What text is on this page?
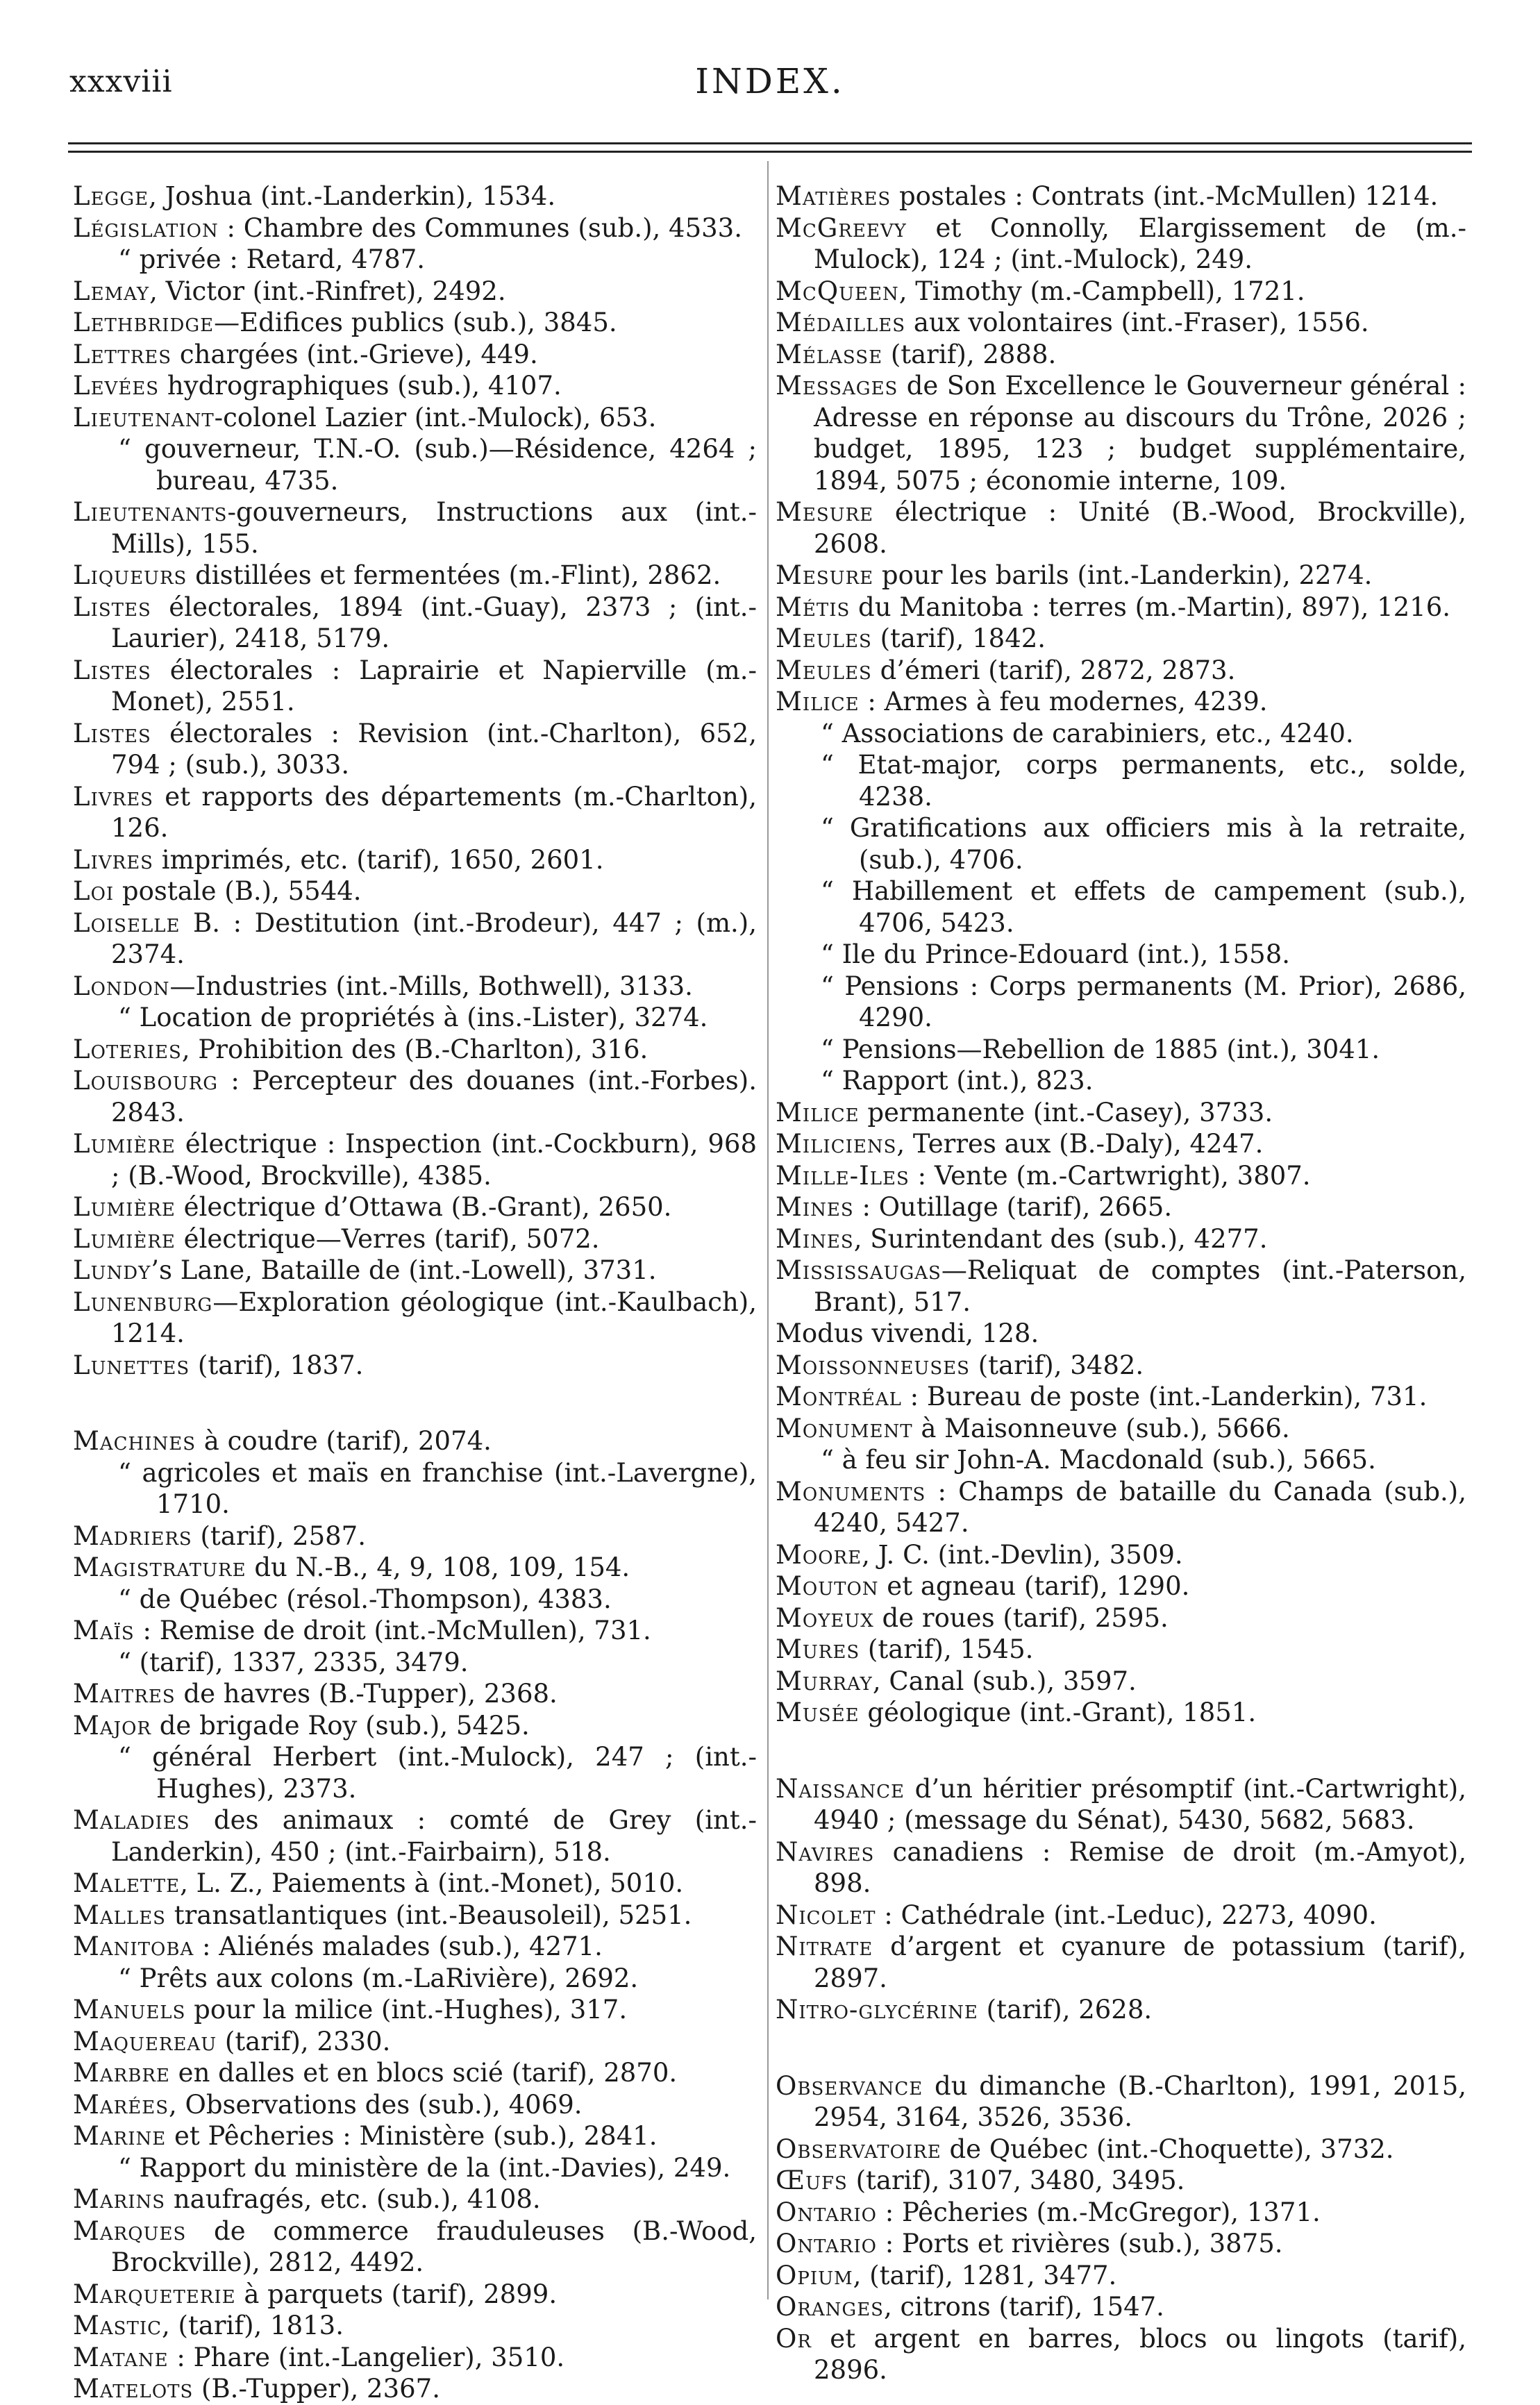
xxxviii	INDEX.
Legge, Joshua (int.-Landerkin), 1534.
Législation : Chambre des Communes (sub.), 4533.
“ privée : Retard, 4787.
Lemay, Victor (int.-Rinfret), 2492.
Lethbridge—Edifices publics (sub.), 3845.
Lettres chargées (int.-Grieve), 449.
Levées hydrographiques (sub.), 4107.
Lieutenant-colonel Lazier (int.-Mulock), 653.
“ gouverneur, T.N.-O. (sub.)—Résidence, 4264 ; bureau, 4735.
Lieutenants-gouverneurs, Instructions aux (int.-Mills), 155.
Liqueurs distillées et fermentées (m.-Flint), 2862.
Listes électorales, 1894 (int.-Guay), 2373 ; (int.-Laurier), 2418, 5179.
Listes électorales : Laprairie et Napierville (m.-Monet), 2551.
Listes électorales : Revision (int.-Charlton), 652, 794 ; (sub.), 3033.
Livres et rapports des départements (m.-Charlton), 126.
Livres imprimés, etc. (tarif), 1650, 2601.
Loi postale (B.), 5544.
Loiselle B. : Destitution (int.-Brodeur), 447 ; (m.), 2374.
London—Industries (int.-Mills, Bothwell), 3133.
“ Location de propriétés à (ins.-Lister), 3274.
Loteries, Prohibition des (B.-Charlton), 316.
Louisbourg : Percepteur des douanes (int.-Forbes). 2843.
Lumière électrique : Inspection (int.-Cockburn), 968 ; (B.-Wood, Brockville), 4385.
Lumière électrique d’Ottawa (B.-Grant), 2650.
Lumière électrique—Verres (tarif), 5072.
Lundy’s Lane, Bataille de (int.-Lowell), 3731.
Lunenburg—Exploration géologique (int.-Kaulbach), 1214.
Lunettes (tarif), 1837.
Machines à coudre (tarif), 2074.
“ agricoles et maïs en franchise (int.-Lavergne), 1710.
Madriers (tarif), 2587.
Magistrature du N.-B., 4, 9, 108, 109, 154.
“ de Québec (résol.-Thompson), 4383.
Maïs : Remise de droit (int.-McMullen), 731.
“ (tarif), 1337, 2335, 3479.
Maitres de havres (B.-Tupper), 2368.
Major de brigade Roy (sub.), 5425.
“ général Herbert (int.-Mulock), 247 ; (int.-Hughes), 2373.
Maladies des animaux : comté de Grey (int.-Landerkin), 450 ; (int.-Fairbairn), 518.
Malette, L. Z., Paiements à (int.-Monet), 5010.
Malles transatlantiques (int.-Beausoleil), 5251.
Manitoba : Aliénés malades (sub.), 4271.
“ Prêts aux colons (m.-LaRivière), 2692.
Manuels pour la milice (int.-Hughes), 317.
Maquereau (tarif), 2330.
Marbre en dalles et en blocs scié (tarif), 2870.
Marées, Observations des (sub.), 4069.
Marine et Pêcheries : Ministère (sub.), 2841.
“ Rapport du ministère de la (int.-Davies), 249.
Marins naufragés, etc. (sub.), 4108.
Marques de commerce frauduleuses (B.-Wood, Brockville), 2812, 4492.
Marqueterie à parquets (tarif), 2899.
Mastic, (tarif), 1813.
Matane : Phare (int.-Langelier), 3510.
Matelots (B.-Tupper), 2367.
Matières postales : Contrats (int.-McMullen) 1214.
McGreevy et Connolly, Elargissement de (m.-Mulock), 124 ; (int.-Mulock), 249.
McQueen, Timothy (m.-Campbell), 1721.
Médailles aux volontaires (int.-Fraser), 1556.
Mélasse (tarif), 2888.
Messages de Son Excellence le Gouverneur général : Adresse en réponse au discours du Trône, 2026 ; budget, 1895, 123 ; budget supplémentaire, 1894, 5075 ; économie interne, 109.
Mesure électrique : Unité (B.-Wood, Brockville), 2608.
Mesure pour les barils (int.-Landerkin), 2274.
Métis du Manitoba : terres (m.-Martin), 897), 1216.
Meules (tarif), 1842.
Meules d’émeri (tarif), 2872, 2873.
Milice : Armes à feu modernes, 4239.
“ Associations de carabiniers, etc., 4240.
“ Etat-major, corps permanents, etc., solde, 4238.
“ Gratifications aux officiers mis à la retraite, (sub.), 4706.
“ Habillement et effets de campement (sub.), 4706, 5423.
“ Ile du Prince-Edouard (int.), 1558.
“ Pensions : Corps permanents (M. Prior), 2686, 4290.
“ Pensions—Rebellion de 1885 (int.), 3041.
“ Rapport (int.), 823.
Milice permanente (int.-Casey), 3733.
Miliciens, Terres aux (B.-Daly), 4247.
Mille-Iles : Vente (m.-Cartwright), 3807.
Mines : Outillage (tarif), 2665.
Mines, Surintendant des (sub.), 4277.
Mississaugas—Reliquat de comptes (int.-Paterson, Brant), 517.
Modus vivendi, 128.
Moissonneuses (tarif), 3482.
Montréal : Bureau de poste (int.-Landerkin), 731.
Monument à Maisonneuve (sub.), 5666.
“ à feu sir John-A. Macdonald (sub.), 5665.
Monuments : Champs de bataille du Canada (sub.), 4240, 5427.
Moore, J. C. (int.-Devlin), 3509.
Mouton et agneau (tarif), 1290.
Moyeux de roues (tarif), 2595.
Mures (tarif), 1545.
Murray, Canal (sub.), 3597.
Musée géologique (int.-Grant), 1851.
Naissance d’un héritier présomptif (int.-Cartwright), 4940 ; (message du Sénat), 5430, 5682, 5683.
Navires canadiens : Remise de droit (m.-Amyot), 898.
Nicolet : Cathédrale (int.-Leduc), 2273, 4090.
Nitrate d’argent et cyanure de potassium (tarif), 2897.
Nitro-glycérine (tarif), 2628.
Observance du dimanche (B.-Charlton), 1991, 2015, 2954, 3164, 3526, 3536.
Observatoire de Québec (int.-Choquette), 3732.
Œufs (tarif), 3107, 3480, 3495.
Ontario : Pêcheries (m.-McGregor), 1371.
Ontario : Ports et rivières (sub.), 3875.
Opium, (tarif), 1281, 3477.
Oranges, citrons (tarif), 1547.
Or et argent en barres, blocs ou lingots (tarif), 2896.
